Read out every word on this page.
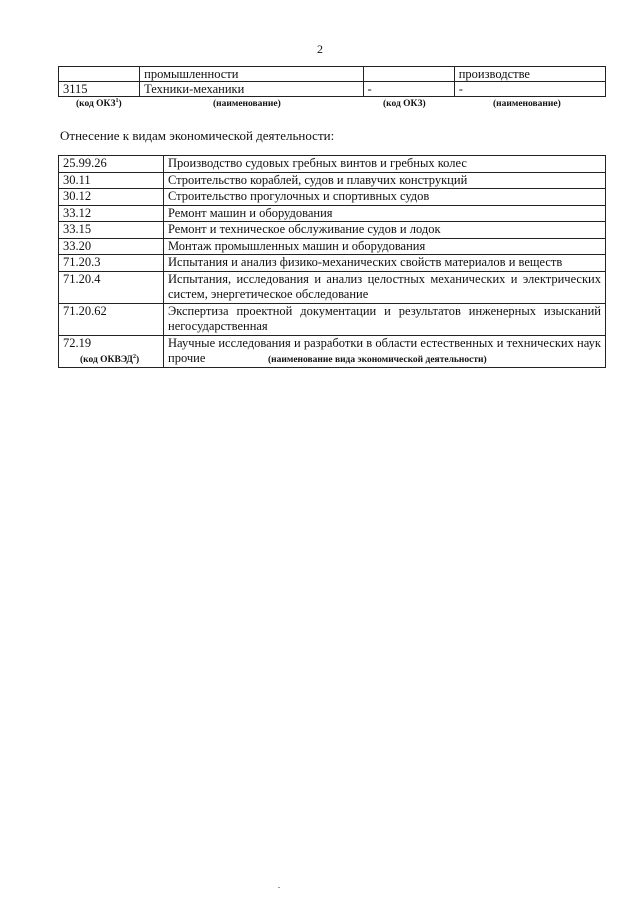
2
	промышленности		производстве
3115	Техники-механики	-	-
(код ОКЗ$^1$)	(наименование)	(код ОКЗ)	(наименование)
Отнесение к видам экономической деятельности:
25.99.26	Производство судовых гребных винтов и гребных колес
30.11	Строительство кораблей, судов и плавучих конструкций
30.12	Строительство прогулочных и спортивных судов
33.12	Ремонт машин и оборудования
33.15	Ремонт и техническое обслуживание судов и лодок
33.20	Монтаж промышленных машин и оборудования
71.20.3	Испытания и анализ физико-механических свойств материалов и веществ
71.20.4	Испытания, исследования и анализ целостных механических и электрических систем, энергетическое обследование
71.20.62	Экспертиза проектной документации и результатов инженерных изысканий негосударственная
72.19	Научные исследования и разработки в области естественных и технических наук прочие
(код ОКВЭД$^2$)	(наименование вида экономической деятельности)
